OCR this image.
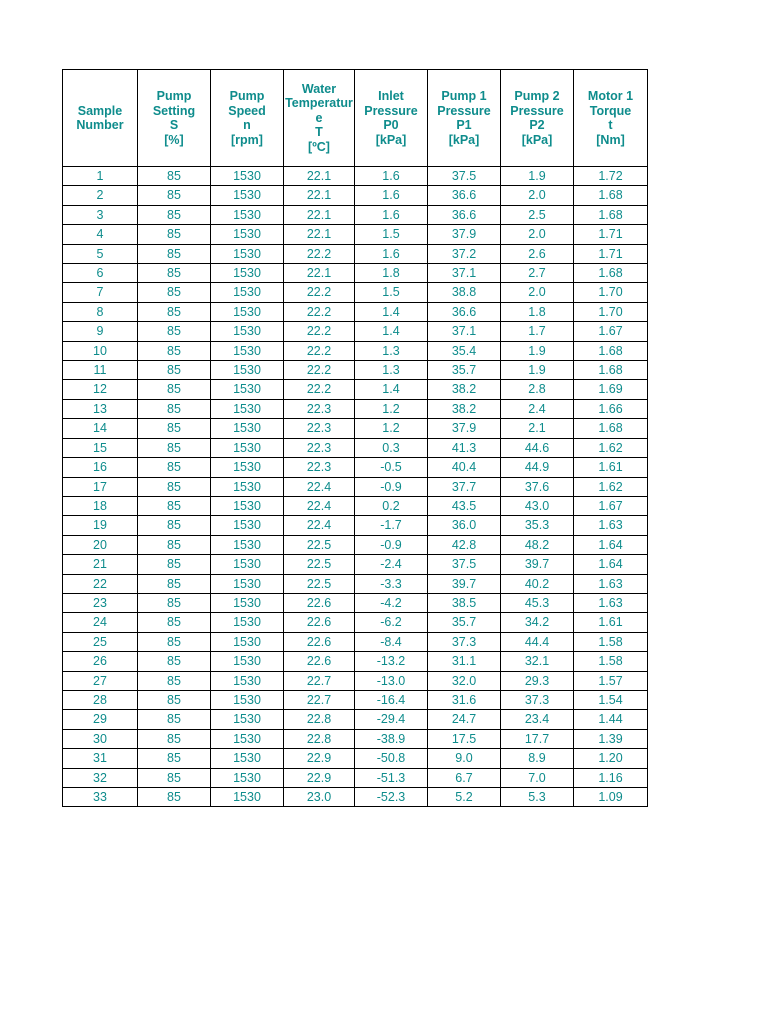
Sample
Number	Pump
Setting
S
[%]	Pump
Speed
n
[rpm]	Water
Temperatur
e
T
[ºC]	Inlet
Pressure
P0
[kPa]	Pump 1
Pressure
P1
[kPa]	Pump 2
Pressure
P2
[kPa]	Motor 1
Torque
t
[Nm]
1	85	1530	22.1	1.6	37.5	1.9	1.72
2	85	1530	22.1	1.6	36.6	2.0	1.68
3	85	1530	22.1	1.6	36.6	2.5	1.68
4	85	1530	22.1	1.5	37.9	2.0	1.71
5	85	1530	22.2	1.6	37.2	2.6	1.71
6	85	1530	22.1	1.8	37.1	2.7	1.68
7	85	1530	22.2	1.5	38.8	2.0	1.70
8	85	1530	22.2	1.4	36.6	1.8	1.70
9	85	1530	22.2	1.4	37.1	1.7	1.67
10	85	1530	22.2	1.3	35.4	1.9	1.68
11	85	1530	22.2	1.3	35.7	1.9	1.68
12	85	1530	22.2	1.4	38.2	2.8	1.69
13	85	1530	22.3	1.2	38.2	2.4	1.66
14	85	1530	22.3	1.2	37.9	2.1	1.68
15	85	1530	22.3	0.3	41.3	44.6	1.62
16	85	1530	22.3	-0.5	40.4	44.9	1.61
17	85	1530	22.4	-0.9	37.7	37.6	1.62
18	85	1530	22.4	0.2	43.5	43.0	1.67
19	85	1530	22.4	-1.7	36.0	35.3	1.63
20	85	1530	22.5	-0.9	42.8	48.2	1.64
21	85	1530	22.5	-2.4	37.5	39.7	1.64
22	85	1530	22.5	-3.3	39.7	40.2	1.63
23	85	1530	22.6	-4.2	38.5	45.3	1.63
24	85	1530	22.6	-6.2	35.7	34.2	1.61
25	85	1530	22.6	-8.4	37.3	44.4	1.58
26	85	1530	22.6	-13.2	31.1	32.1	1.58
27	85	1530	22.7	-13.0	32.0	29.3	1.57
28	85	1530	22.7	-16.4	31.6	37.3	1.54
29	85	1530	22.8	-29.4	24.7	23.4	1.44
30	85	1530	22.8	-38.9	17.5	17.7	1.39
31	85	1530	22.9	-50.8	9.0	8.9	1.20
32	85	1530	22.9	-51.3	6.7	7.0	1.16
33	85	1530	23.0	-52.3	5.2	5.3	1.09
